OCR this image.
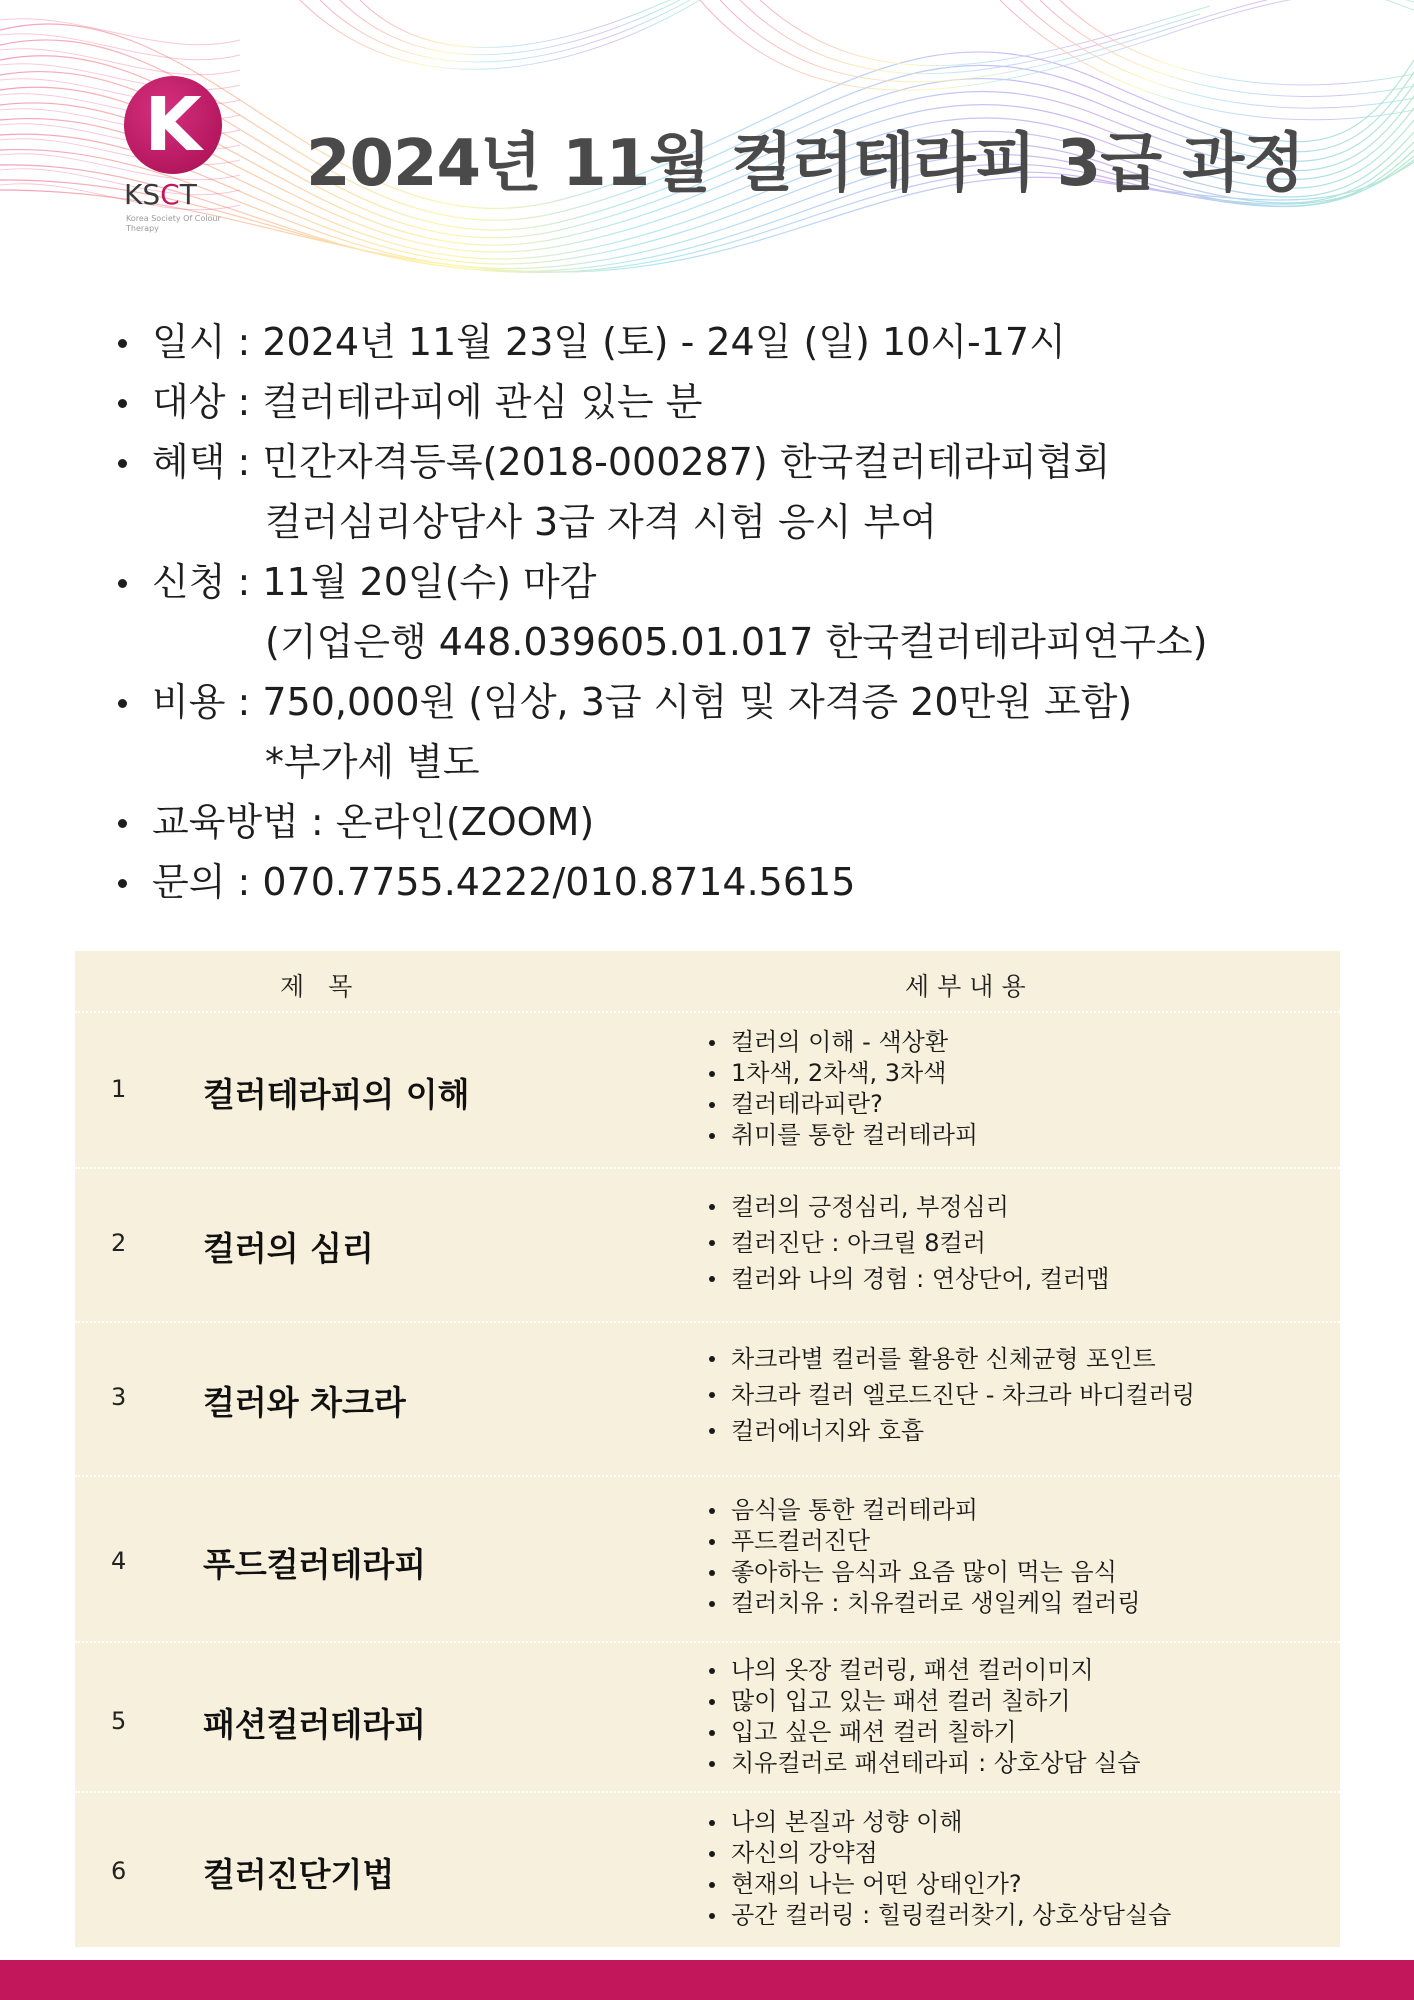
K
KSCT
Korea Society Of Colour Therapy
2024년 11월 컬러테라피 3급 과정
일시 : 2024년 11월 23일 (토) - 24일 (일) 10시-17시
대상 : 컬러테라피에 관심 있는 분
혜택 : 민간자격등록(2018-000287) 한국컬러테라피협회
컬러심리상담사 3급 자격 시험 응시 부여
신청 : 11월 20일(수) 마감
(기업은행 448.039605.01.017 한국컬러테라피연구소)
비용 : 750,000원 (임상, 3급 시험 및 자격증 20만원 포함)
*부가세 별도
교육방법 : 온라인(ZOOM)
문의 : 070.7755.4222/010.8714.5615
제목	세부내용
1 컬러테라피의 이해
컬러의 이해 - 색상환
1차색, 2차색, 3차색
컬러테라피란?
취미를 통한 컬러테라피
2 컬러의 심리
컬러의 긍정심리, 부정심리
컬러진단 : 아크릴 8컬러
컬러와 나의 경험 : 연상단어, 컬러맵
3 컬러와 차크라
차크라별 컬러를 활용한 신체균형 포인트
차크라 컬러 엘로드진단 - 차크라 바디컬러링
컬러에너지와 호흡
4 푸드컬러테라피
음식을 통한 컬러테라피
푸드컬러진단
좋아하는 음식과 요즘 많이 먹는 음식
컬러치유 : 치유컬러로 생일케잌 컬러링
5 패션컬러테라피
나의 옷장 컬러링, 패션 컬러이미지
많이 입고 있는 패션 컬러 칠하기
입고 싶은 패션 컬러 칠하기
치유컬러로 패션테라피 : 상호상담 실습
6 컬러진단기법
나의 본질과 성향 이해
자신의 강약점
현재의 나는 어떤 상태인가?
공간 컬러링 : 힐링컬러찾기, 상호상담실습
